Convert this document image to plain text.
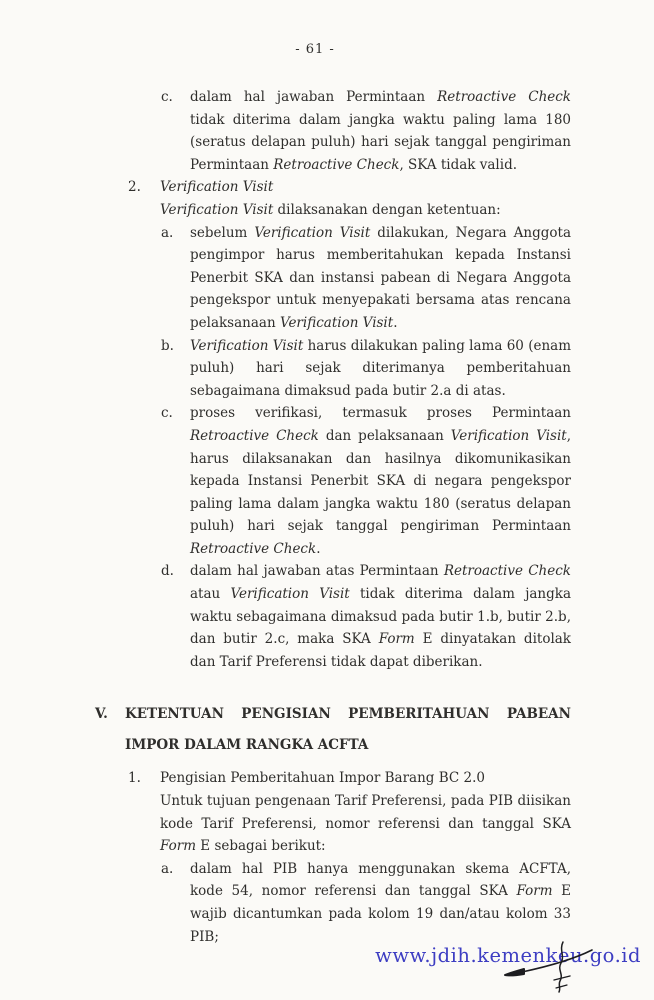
- 61 -
c.	dalam hal jawaban Permintaan Retroactive Check tidak diterima dalam jangka waktu paling lama 180 (seratus delapan puluh) hari sejak tanggal pengiriman Permintaan Retroactive Check, SKA tidak valid.
2.	Verification Visit
Verification Visit dilaksanakan dengan ketentuan:
a.	sebelum Verification Visit dilakukan, Negara Anggota pengimpor harus memberitahukan kepada Instansi Penerbit SKA dan instansi pabean di Negara Anggota pengekspor untuk menyepakati bersama atas rencana pelaksanaan Verification Visit.
b.	Verification Visit harus dilakukan paling lama 60 (enam puluh) hari sejak diterimanya pemberitahuan sebagaimana dimaksud pada butir 2.a di atas.
c.	proses verifikasi, termasuk proses Permintaan Retroactive Check dan pelaksanaan Verification Visit, harus dilaksanakan dan hasilnya dikomunikasikan kepada Instansi Penerbit SKA di negara pengekspor paling lama dalam jangka waktu 180 (seratus delapan puluh) hari sejak tanggal pengiriman Permintaan Retroactive Check.
d.	dalam hal jawaban atas Permintaan Retroactive Check atau Verification Visit tidak diterima dalam jangka waktu sebagaimana dimaksud pada butir 1.b, butir 2.b, dan butir 2.c, maka SKA Form E dinyatakan ditolak dan Tarif Preferensi tidak dapat diberikan.
V.	KETENTUAN PENGISIAN PEMBERITAHUAN PABEAN IMPOR DALAM RANGKA ACFTA
1.	Pengisian Pemberitahuan Impor Barang BC 2.0
Untuk tujuan pengenaan Tarif Preferensi, pada PIB diisikan kode Tarif Preferensi, nomor referensi dan tanggal SKA Form E sebagai berikut:
a.	dalam hal PIB hanya menggunakan skema ACFTA, kode 54, nomor referensi dan tanggal SKA Form E wajib dicantumkan pada kolom 19 dan/atau kolom 33 PIB;
www.jdih.kemenkeu.go.id
